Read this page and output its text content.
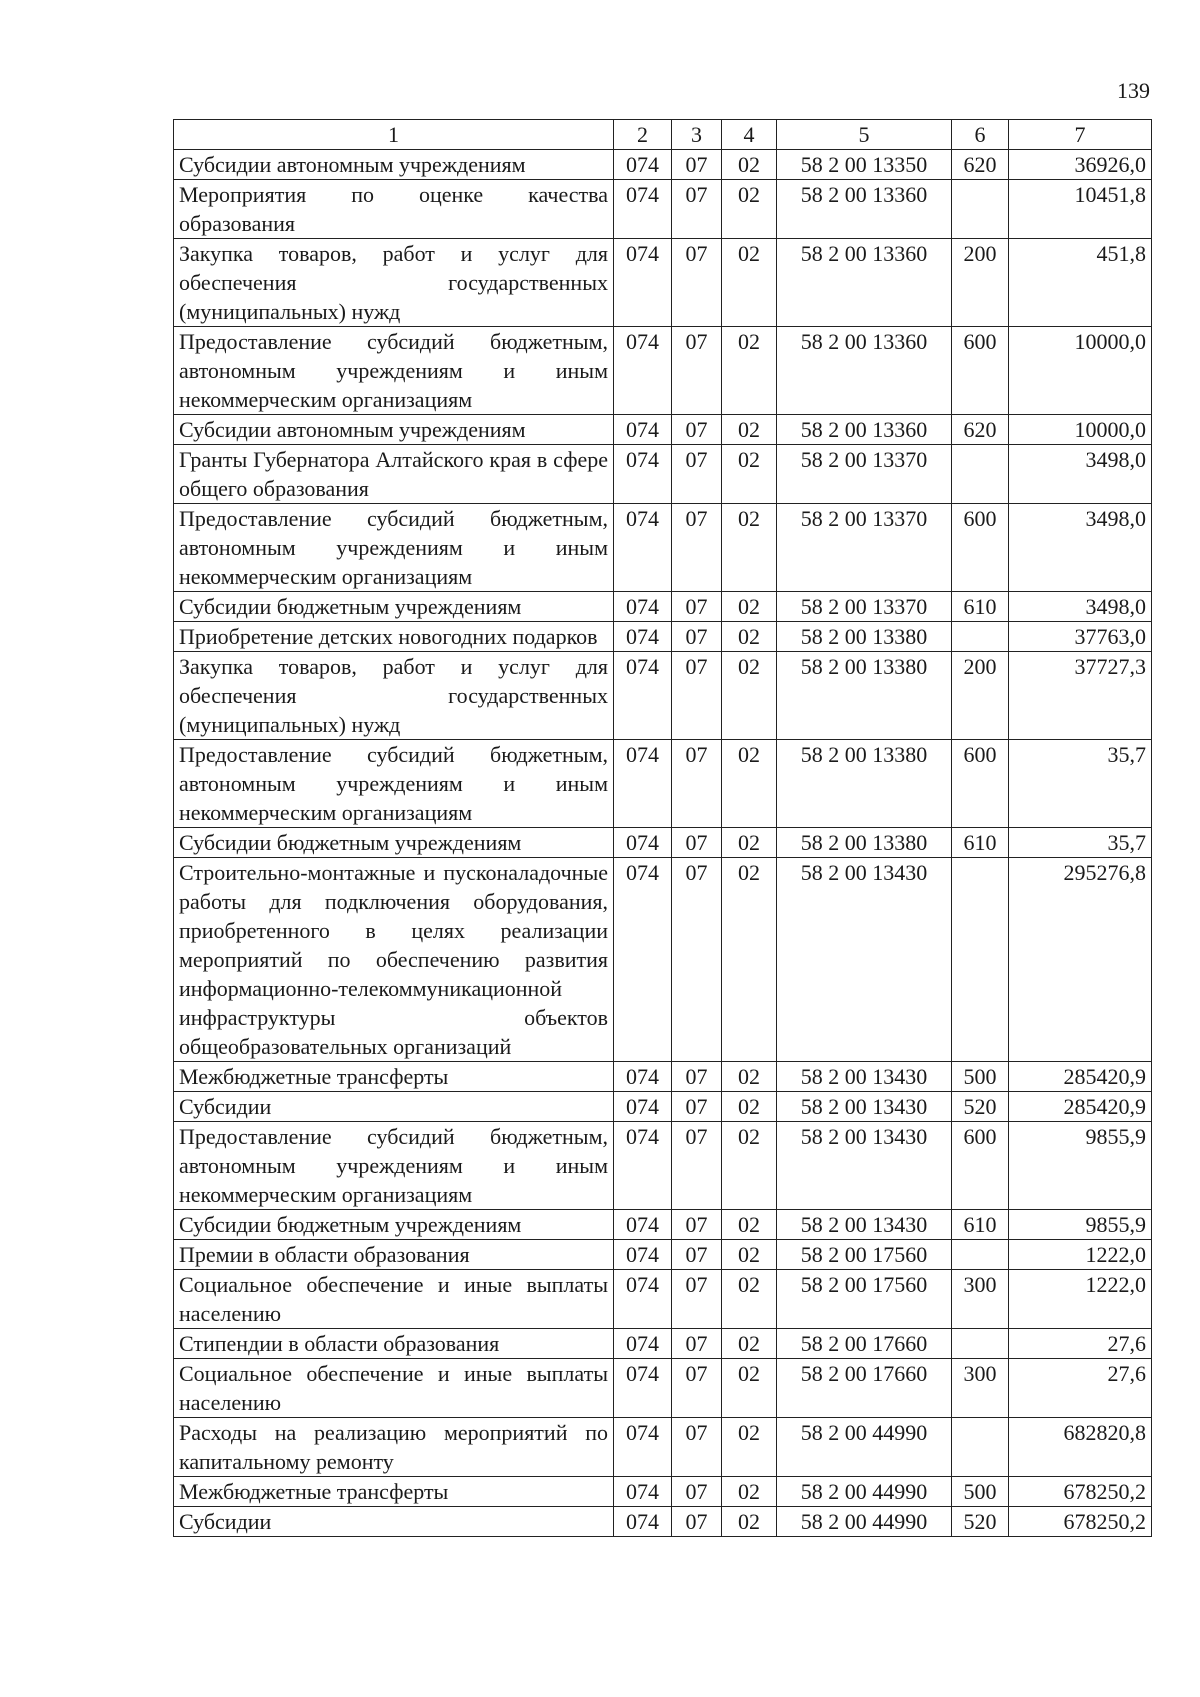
139
1	2	3	4	5	6	7
Субсидии автономным учреждениям	074	07	02	58 2 00 13350	620	36926,0
Мероприятия по оценке качества образования	074	07	02	58 2 00 13360		10451,8
Закупка товаров, работ и услуг для обеспечения государственных (муниципальных) нужд	074	07	02	58 2 00 13360	200	451,8
Предоставление субсидий бюджетным, автономным учреждениям и иным некоммерческим организациям	074	07	02	58 2 00 13360	600	10000,0
Субсидии автономным учреждениям	074	07	02	58 2 00 13360	620	10000,0
Гранты Губернатора Алтайского края в сфере общего образования	074	07	02	58 2 00 13370		3498,0
Предоставление субсидий бюджетным, автономным учреждениям и иным некоммерческим организациям	074	07	02	58 2 00 13370	600	3498,0
Субсидии бюджетным учреждениям	074	07	02	58 2 00 13370	610	3498,0
Приобретение детских новогодних подарков	074	07	02	58 2 00 13380		37763,0
Закупка товаров, работ и услуг для обеспечения государственных (муниципальных) нужд	074	07	02	58 2 00 13380	200	37727,3
Предоставление субсидий бюджетным, автономным учреждениям и иным некоммерческим организациям	074	07	02	58 2 00 13380	600	35,7
Субсидии бюджетным учреждениям	074	07	02	58 2 00 13380	610	35,7
Строительно-монтажные и пусконаладочные работы для подключения оборудования, приобретенного в целях реализации мероприятий по обеспечению развития информационно-телекоммуникационной инфраструктуры объектов общеобразовательных организаций	074	07	02	58 2 00 13430		295276,8
Межбюджетные трансферты	074	07	02	58 2 00 13430	500	285420,9
Субсидии	074	07	02	58 2 00 13430	520	285420,9
Предоставление субсидий бюджетным, автономным учреждениям и иным некоммерческим организациям	074	07	02	58 2 00 13430	600	9855,9
Субсидии бюджетным учреждениям	074	07	02	58 2 00 13430	610	9855,9
Премии в области образования	074	07	02	58 2 00 17560		1222,0
Социальное обеспечение и иные выплаты населению	074	07	02	58 2 00 17560	300	1222,0
Стипендии в области образования	074	07	02	58 2 00 17660		27,6
Социальное обеспечение и иные выплаты населению	074	07	02	58 2 00 17660	300	27,6
Расходы на реализацию мероприятий по капитальному ремонту	074	07	02	58 2 00 44990		682820,8
Межбюджетные трансферты	074	07	02	58 2 00 44990	500	678250,2
Субсидии	074	07	02	58 2 00 44990	520	678250,2
